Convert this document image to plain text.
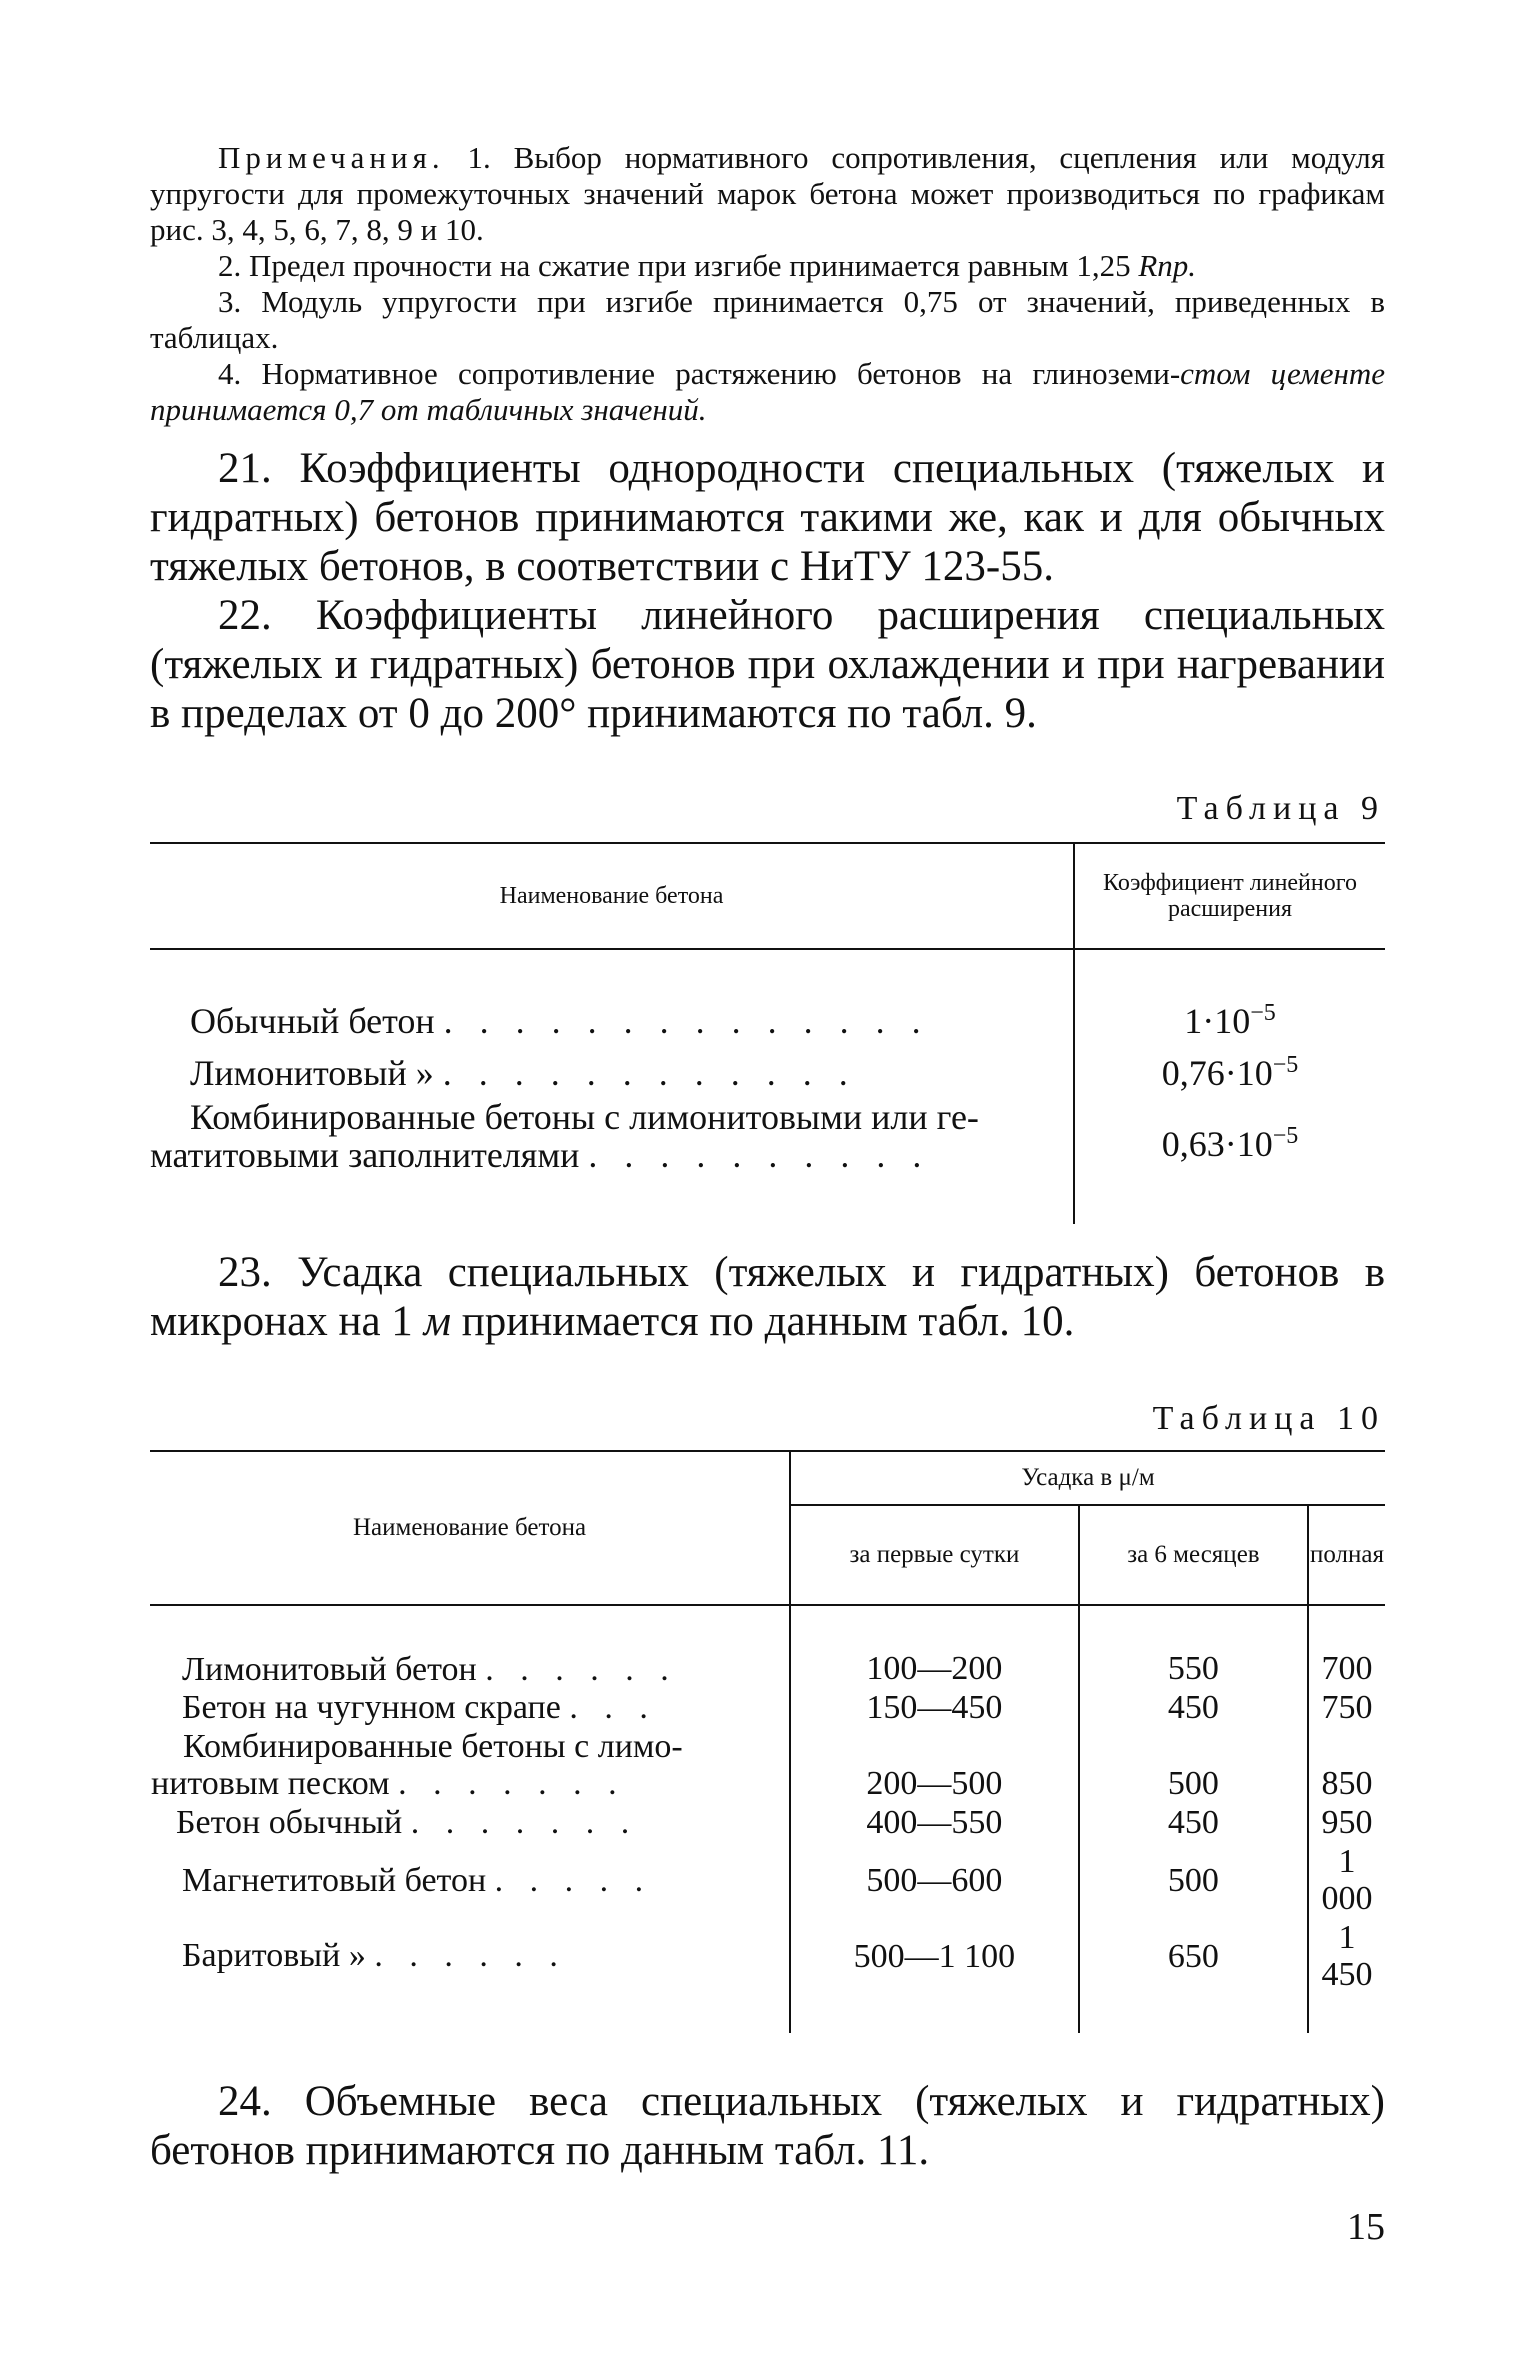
Примечания. 1. Выбор нормативного сопротивления, сцепления или модуля упругости для промежуточных значений марок бетона может производиться по графикам рис. 3, 4, 5, 6, 7, 8, 9 и 10.

2. Предел прочности на сжатие при изгибе принимается равным 1,25 Rпр.

3. Модуль упругости при изгибе принимается 0,75 от значений, приведенных в таблицах.

4. Нормативное сопротивление растяжению бетонов на глиноземи-стом цементе принимается 0,7 от табличных значений.

21. Коэффициенты однородности специальных (тяжелых и гидратных) бетонов принимаются такими же, как и для обычных тяжелых бетонов, в соответствии с НиТУ 123-55.

22. Коэффициенты линейного расширения специальных (тяжелых и гидратных) бетонов при охлаждении и при нагревании в пределах от 0 до 200° принимаются по табл. 9.

Таблица 9
Наименование бетона	Коэффициент линейного расширения
Обычный бетон . . . . . . . . . . . . . .	$1\cdot 10^{-5}$
Лимонитовый » . . . . . . . . . . . .	$0,76\cdot 10^{-5}$

Комбинированные бетоны с лимонитовыми или ге-
матитовыми заполнителями . . . . . . . . . .	$0,63\cdot 10^{-5}$

23. Усадка специальных (тяжелых и гидратных) бетонов в микронах на 1 м принимается по данным табл. 10.

Таблица 10
Наименование бетона	Усадка в μ/м		
	за первые сутки	за 6 месяцев	полная
Лимонитовый бетон . . . . . .	100—200	550	700
Бетон на чугунном скрапе . . .	150—450	450	750

Комбинированные бетоны с лимо-
нитовым песком . . . . . . .	200—500	500	850
Бетон обычный . . . . . . .	400—550	450	950
Магнетитовый бетон . . . . .	500—600	500	1 000
Баритовый » . . . . . .	500—1 100	650	1 450

24. Объемные веса специальных (тяжелых и гидратных) бетонов принимаются по данным табл. 11.

15
